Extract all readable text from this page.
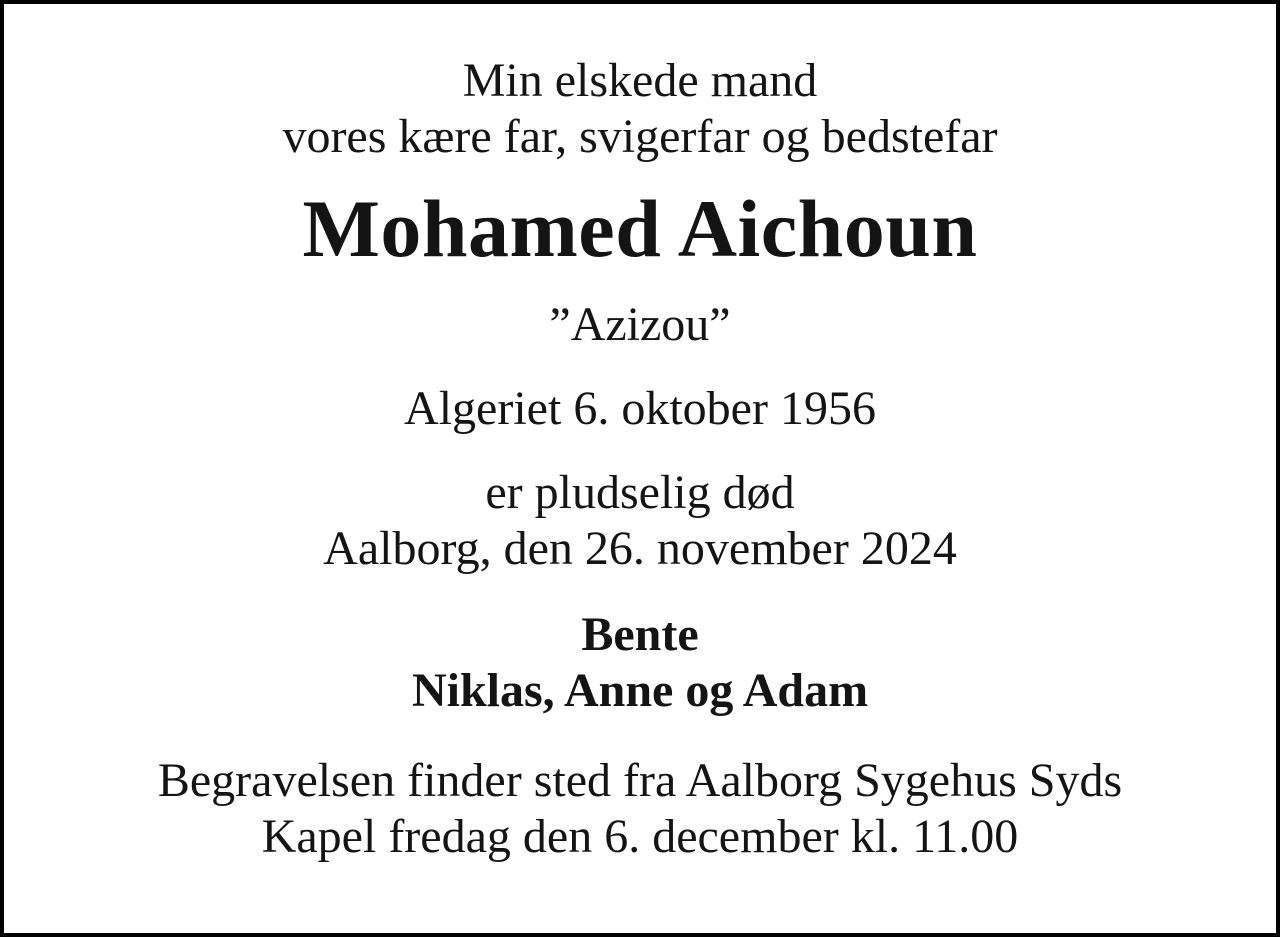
Min elskede mand
vores kære far, svigerfar og bedstefar

Mohamed Aichoun

”Azizou”

Algeriet 6. oktober 1956

er pludselig død
Aalborg, den 26. november 2024

Bente
Niklas, Anne og Adam

Begravelsen finder sted fra Aalborg Sygehus Syds
Kapel fredag den 6. december kl. 11.00
